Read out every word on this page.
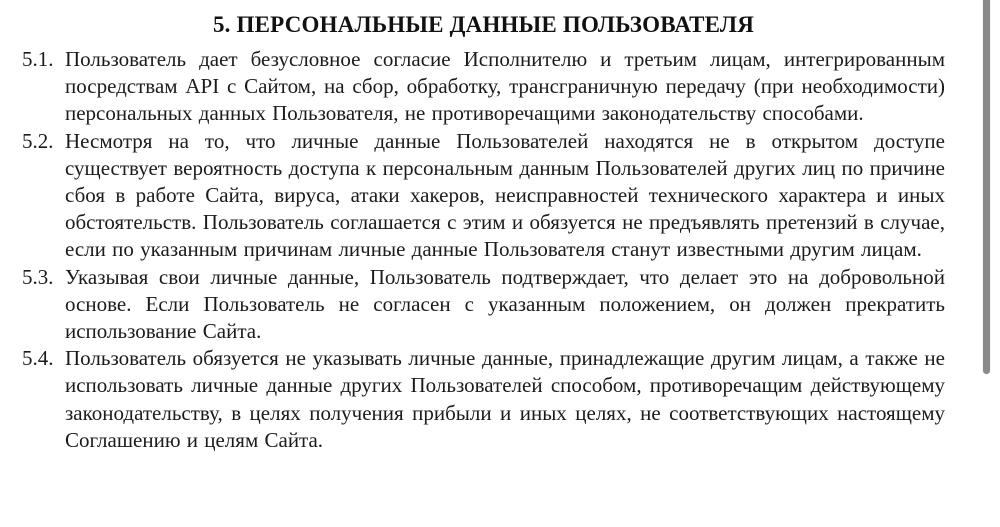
5. ПЕРСОНАЛЬНЫЕ ДАННЫЕ ПОЛЬЗОВАТЕЛЯ
5.1. Пользователь дает безусловное согласие Исполнителю и третьим лицам, интегрированным посредствам API с Сайтом, на сбор, обработку, трансграничную передачу (при необходимости) персональных данных Пользователя, не противоречащими законодательству способами.
5.2. Несмотря на то, что личные данные Пользователей находятся не в открытом доступе существует вероятность доступа к персональным данным Пользователей других лиц по причине сбоя в работе Сайта, вируса, атаки хакеров, неисправностей технического характера и иных обстоятельств. Пользователь соглашается с этим и обязуется не предъявлять претензий в случае, если по указанным причинам личные данные Пользователя станут известными другим лицам.
5.3. Указывая свои личные данные, Пользователь подтверждает, что делает это на добровольной основе. Если Пользователь не согласен с указанным положением, он должен прекратить использование Сайта.
5.4. Пользователь обязуется не указывать личные данные, принадлежащие другим лицам, а также не использовать личные данные других Пользователей способом, противоречащим действующему законодательству, в целях получения прибыли и иных целях, не соответствующих настоящему Соглашению и целям Сайта.
